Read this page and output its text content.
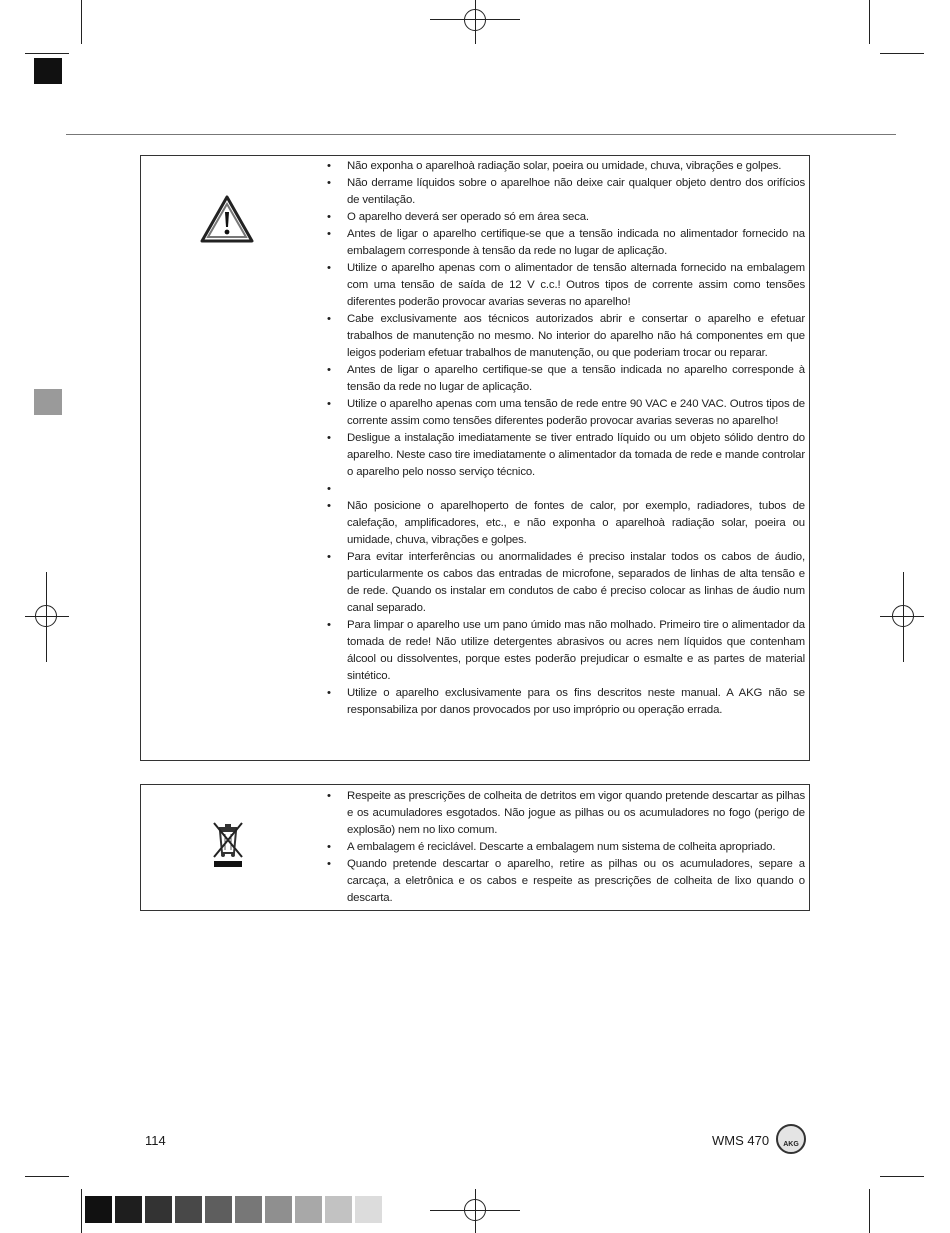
•	Não exponha o aparelhoà radiação solar, poeira ou umidade, chuva, vibrações e golpes.
•	Não derrame líquidos sobre o aparelhoe não deixe cair qualquer objeto dentro dos orifícios de ventilação.
•	O aparelho deverá ser operado só em área seca.
•	Antes de ligar o aparelho certifique-se que a tensão indicada no alimentador fornecido na embalagem corresponde à tensão da rede no lugar de aplicação.
•	Utilize o aparelho apenas com o alimentador de tensão alternada fornecido na embalagem com uma tensão de saída de 12 V c.c.! Outros tipos de corrente assim como tensões diferentes poderão provocar avarias severas no aparelho!
•	Cabe exclusivamente aos técnicos autorizados abrir e consertar o aparelho e efetuar trabalhos de manutenção no mesmo. No interior do aparelho não há componentes em que leigos poderiam efetuar trabalhos de manutenção, ou que poderiam trocar ou reparar.
•	Antes de ligar o aparelho certifique-se que a tensão indicada no aparelho corresponde à tensão da rede no lugar de aplicação.
•	Utilize o aparelho apenas com uma tensão de rede entre 90 VAC e 240 VAC. Outros tipos de corrente assim como tensões diferentes poderão provocar avarias severas no aparelho!
•	Desligue a instalação imediatamente se tiver entrado líquido ou um objeto sólido dentro do aparelho. Neste caso tire imediatamente o alimentador da tomada de rede e mande controlar o aparelho pelo nosso serviço técnico.
•
•	Não posicione o aparelhoperto de fontes de calor, por exemplo, radiadores, tubos de calefação, amplificadores, etc., e não exponha o aparelhoà radiação solar, poeira ou umidade, chuva, vibrações e golpes.
•	Para evitar interferências ou anormalidades é preciso instalar todos os cabos de áudio, particularmente os cabos das entradas de microfone, separados de linhas de alta tensão e de rede. Quando os instalar em condutos de cabo é preciso colocar as linhas de áudio num canal separado.
•	Para limpar o aparelho use um pano úmido mas não molhado. Primeiro tire o alimentador da tomada de rede! Não utilize detergentes abrasivos ou acres nem líquidos que contenham álcool ou dissolventes, porque estes poderão prejudicar o esmalte e as partes de material sintético.
•	Utilize o aparelho exclusivamente para os fins descritos neste manual. A AKG não se responsabiliza por danos provocados por uso impróprio ou operação errada.
•	Respeite as prescrições de colheita de detritos em vigor quando pretende descartar as pilhas e os acumuladores esgotados. Não jogue as pilhas ou os acumuladores no fogo (perigo de explosão) nem no lixo comum.
•	A embalagem é reciclável. Descarte a embalagem num sistema de colheita apropriado.
•	Quando pretende descartar o aparelho, retire as pilhas ou os acumuladores, separe a carcaça, a eletrônica e os cabos e respeite as prescrições de colheita de lixo quando o descarta.
114	WMS 470 AKG
